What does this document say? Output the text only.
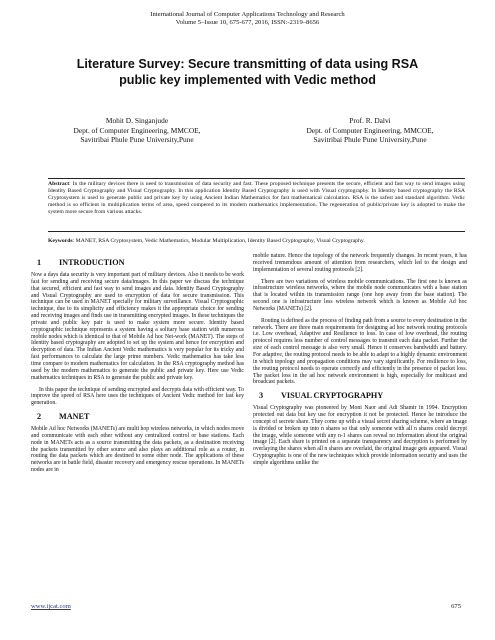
International Journal of Computer Applications Technology and Research
Volume 5–Issue 10, 675-677, 2016, ISSN:-2319–8656
Literature Survey: Secure transmitting of data using RSA
public key implemented with Vedic method
Mohit D. Singanjude
Dept. of Computer Engineering, MMCOE,
Savitribai Phule Pune University,Pune
Prof. R. Dalvi
Dept. of Computer Engineering, MMCOE,
Savitribai Phule Pune University,Pune

Abstract: In the military devices there is need to transmission of data security and fast. These proposed technique presents the secure, efficient and fast way to send images using Identity Based Cryptography and Visual Cryptography. In this application Identity Based Cryptography is used with Visual cryptography. In Identity based cryptography the RSA Cryptosystem is used to generate public and private key by using Ancient Indian Mathematics for fast mathematical calculation. RSA is the safest and standard algorithm. Vedic method is so efficient in multiplication terms of area, speed compered to its modern mathematics implementation. The regeneration of public/private key is adopted to make the system more secure from various attacks.

Keywords: MANET, RSA Cryptosystem, Vedic Mathematics, Modular Multiplication, Identity Based Cryptography, Visual Cryptography.

1 INTRODUCTION

Now a days data security is very important part of military devices. Also it needs to be work fast for sending and receiving secure data/images. In this paper we discuss the technique that secured, efficient and fast way to send images and data. Identity Based Cryptography and Visual Cryptography are used to encryption of data for secure transmission. This technique can be used in MANET specially for military surveillance. Visual Cryptographic technique, due to its simplicity and efficiency makes it the appropriate choice for sending and receiving images and finds use in transmitting encrypted images. In these techniques the private and public key pair is used to make system more secure. Identity based cryptographic technique represents a system having a solitary base station with numerous mobile nodes which is identical to that of Mobile Ad hoc Net-work (MANET). The steps of Identity based cryptography are adopted to set up the system and hence for encryption and decryption of data. The Indian Ancient Vedic mathematics is very popular for its tricky and fast performances to calculate the large prime numbers. Vedic mathematics has take less time compare to modern mathematics for calculation. In the RSA cryptography method has used by the modern mathematics to generate the public and private key. Here use Vedic mathematics techniques in RSA to generate the public and private key.

In this paper the technique of sending encrypted and decrypts data with efficient way. To improve the speed of RSA here uses the techniques of Ancient Vedic method for fast key generation.

2 MANET

Mobile Ad hoc Networks (MANETs) are multi hop wireless networks, in which nodes move and communicate with each other without any centralized control or base stations. Each node in MANETs acts as a source transmitting the data packets, as a destination receiving the packets transmitted by other source and also plays an additional role as a router, in routing the data packets which are destined to some other node. The applications of these networks are in battle field, disaster recovery and emergency rescue operations. In MANETs nodes are in

mobile nature. Hence the topology of the network frequently changes. In recent years, it has received tremendous amount of attention from researchers, which led to the design and implementation of several routing protocols [2].

There are two variations of wireless mobile communications. The first one is known as infrastructure wireless networks, where the mobile node communicates with a base station that is located within its transmission range (one hop away from the base station). The second one is infrastructure less wireless network which is known as Mobile Ad hoc Networks (MANETs) [2].

Routing is defined as the process of finding path from a source to every destination in the network. There are three main requirements for designing ad hoc network routing protocols i.e. Low overhead, Adaptive and Resilience to loss. In case of low overhead, the routing protocol requires less number of control messages to transmit each data packet. Further the size of each control message is also very small. Hence it conserves bandwidth and battery. For adaptive, the routing protocol needs to be able to adapt to a highly dynamic environment in which topology and propagation conditions may vary significantly. For resilience to loss, the routing protocol needs to operate correctly and efficiently in the presence of packet loss. The packet loss in the ad hoc network environment is high, especially for multicast and broadcast packets.

3 VISUAL CRYPTOGRAPHY

Visual Cryptography was pioneered by Moni Naor and Adi Shamir in 1994. Encryption protected out data but key use for encryption it not be protected. Hence he introduce the concept of secrete share. They come up with a visual secret sharing scheme, where an image is divided or broken up into n shares so that only someone with all n shares could decrypt the image, while someone with any n-1 shares can reveal no information about the original image [2]. Each share is printed on a separate transparency and decryption is performed by overlaying the shares when all n shares are overlaid, the original image gets appeared. Visual Cryptographic is one of the new techniques which provide information security and uses the simple algorithms unlike the

www.ijcat.com	675
